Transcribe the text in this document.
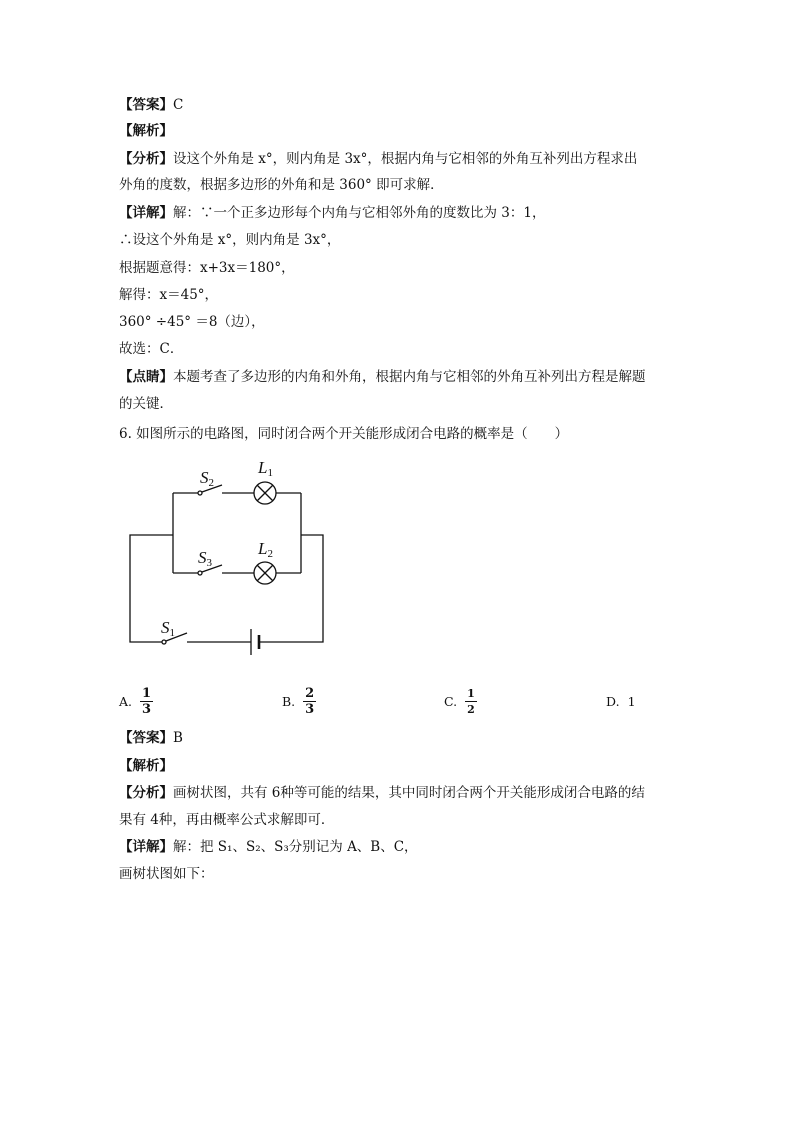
【答案】C
【解析】
【分析】设这个外角是 x°，则内角是 3x°，根据内角与它相邻的外角互补列出方程求出
外角的度数，根据多边形的外角和是 360° 即可求解．
【详解】解：∵一个正多边形每个内角与它相邻外角的度数比为 3：1，
∴设这个外角是 x°，则内角是 3x°，
根据题意得：x+3x＝180°，
解得：x＝45°，
360° ÷45° ＝8（边），
故选：C．
【点睛】本题考查了多边形的内角和外角，根据内角与它相邻的外角互补列出方程是解题
的关键．
6. 如图所示的电路图，同时闭合两个开关能形成闭合电路的概率是（　　）
S2
L1
S3
L2
S1
A. $\frac{1}{3}$	B. $\frac{2}{3}$	C. $\frac{1}{2}$	D. 1
【答案】B
【解析】
【分析】画树状图，共有 6种等可能的结果，其中同时闭合两个开关能形成闭合电路的结
果有 4种，再由概率公式求解即可．
【详解】解：把 S₁、S₂、S₃分别记为 A、B、C，
画树状图如下：
